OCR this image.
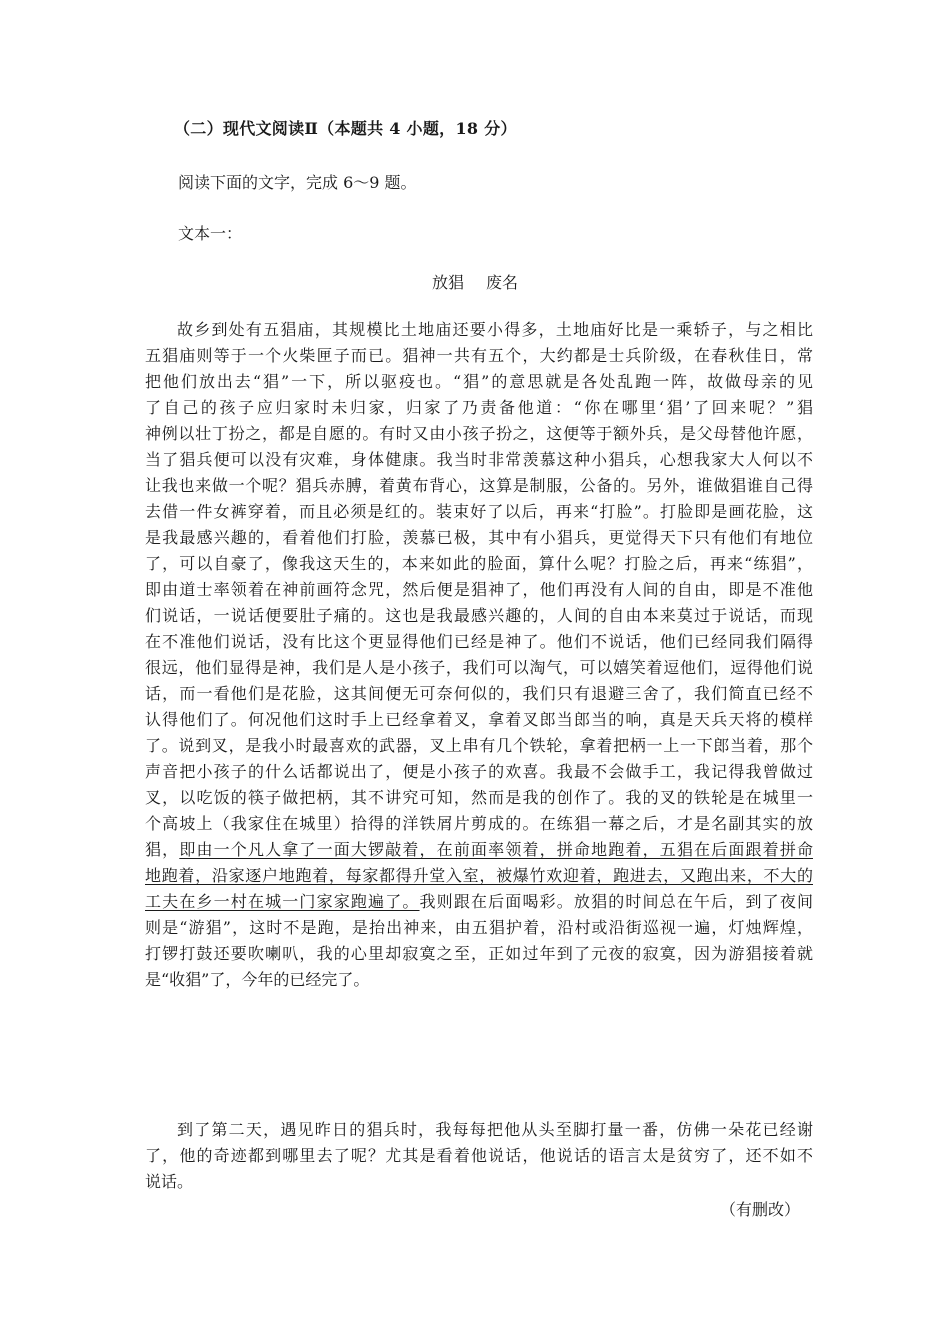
（二）现代文阅读Ⅱ（本题共 4 小题，18 分）
阅读下面的文字，完成 6～9 题。
文本一：
放猖 废名
故乡到处有五猖庙，其规模比土地庙还要小得多，土地庙好比是一乘轿子，与之相比
五猖庙则等于一个火柴匣子而已。猖神一共有五个，大约都是士兵阶级，在春秋佳日，常
把他们放出去“猖”一下，所以驱疫也。“猖”的意思就是各处乱跑一阵，故做母亲的见
了自己的孩子应归家时未归家，归家了乃责备他道：“你在哪里‘猖’了回来呢？”猖
神例以壮丁扮之，都是自愿的。有时又由小孩子扮之，这便等于额外兵，是父母替他许愿，
当了猖兵便可以没有灾难，身体健康。我当时非常羡慕这种小猖兵，心想我家大人何以不
让我也来做一个呢？猖兵赤膊，着黄布背心，这算是制服，公备的。另外，谁做猖谁自己得
去借一件女裤穿着，而且必须是红的。装束好了以后，再来“打脸”。打脸即是画花脸，这
是我最感兴趣的，看着他们打脸，羡慕已极，其中有小猖兵，更觉得天下只有他们有地位
了，可以自豪了，像我这天生的，本来如此的脸面，算什么呢？打脸之后，再来“练猖”，
即由道士率领着在神前画符念咒，然后便是猖神了，他们再没有人间的自由，即是不准他
们说话，一说话便要肚子痛的。这也是我最感兴趣的，人间的自由本来莫过于说话，而现
在不准他们说话，没有比这个更显得他们已经是神了。他们不说话，他们已经同我们隔得
很远，他们显得是神，我们是人是小孩子，我们可以淘气，可以嬉笑着逗他们，逗得他们说
话，而一看他们是花脸，这其间便无可奈何似的，我们只有退避三舍了，我们简直已经不
认得他们了。何况他们这时手上已经拿着叉，拿着叉郎当郎当的响，真是天兵天将的模样
了。说到叉，是我小时最喜欢的武器，叉上串有几个铁轮，拿着把柄一上一下郎当着，那个
声音把小孩子的什么话都说出了，便是小孩子的欢喜。我最不会做手工，我记得我曾做过
叉，以吃饭的筷子做把柄，其不讲究可知，然而是我的创作了。我的叉的铁轮是在城里一
个高坡上（我家住在城里）拾得的洋铁屑片剪成的。在练猖一幕之后，才是名副其实的放
猖，即由一个凡人拿了一面大锣敲着，在前面率领着，拼命地跑着，五猖在后面跟着拼命
地跑着，沿家逐户地跑着，每家都得升堂入室，被爆竹欢迎着，跑进去，又跑出来，不大的
工夫在乡一村在城一门家家跑遍了。我则跟在后面喝彩。放猖的时间总在午后，到了夜间
则是“游猖”，这时不是跑，是抬出神来，由五猖护着，沿村或沿街巡视一遍，灯烛辉煌，
打锣打鼓还要吹喇叭，我的心里却寂寞之至，正如过年到了元夜的寂寞，因为游猖接着就
是“收猖”了，今年的已经完了。
到了第二天，遇见昨日的猖兵时，我每每把他从头至脚打量一番，仿佛一朵花已经谢
了，他的奇迹都到哪里去了呢？尤其是看着他说话，他说话的语言太是贫穷了，还不如不
说话。
（有删改）
